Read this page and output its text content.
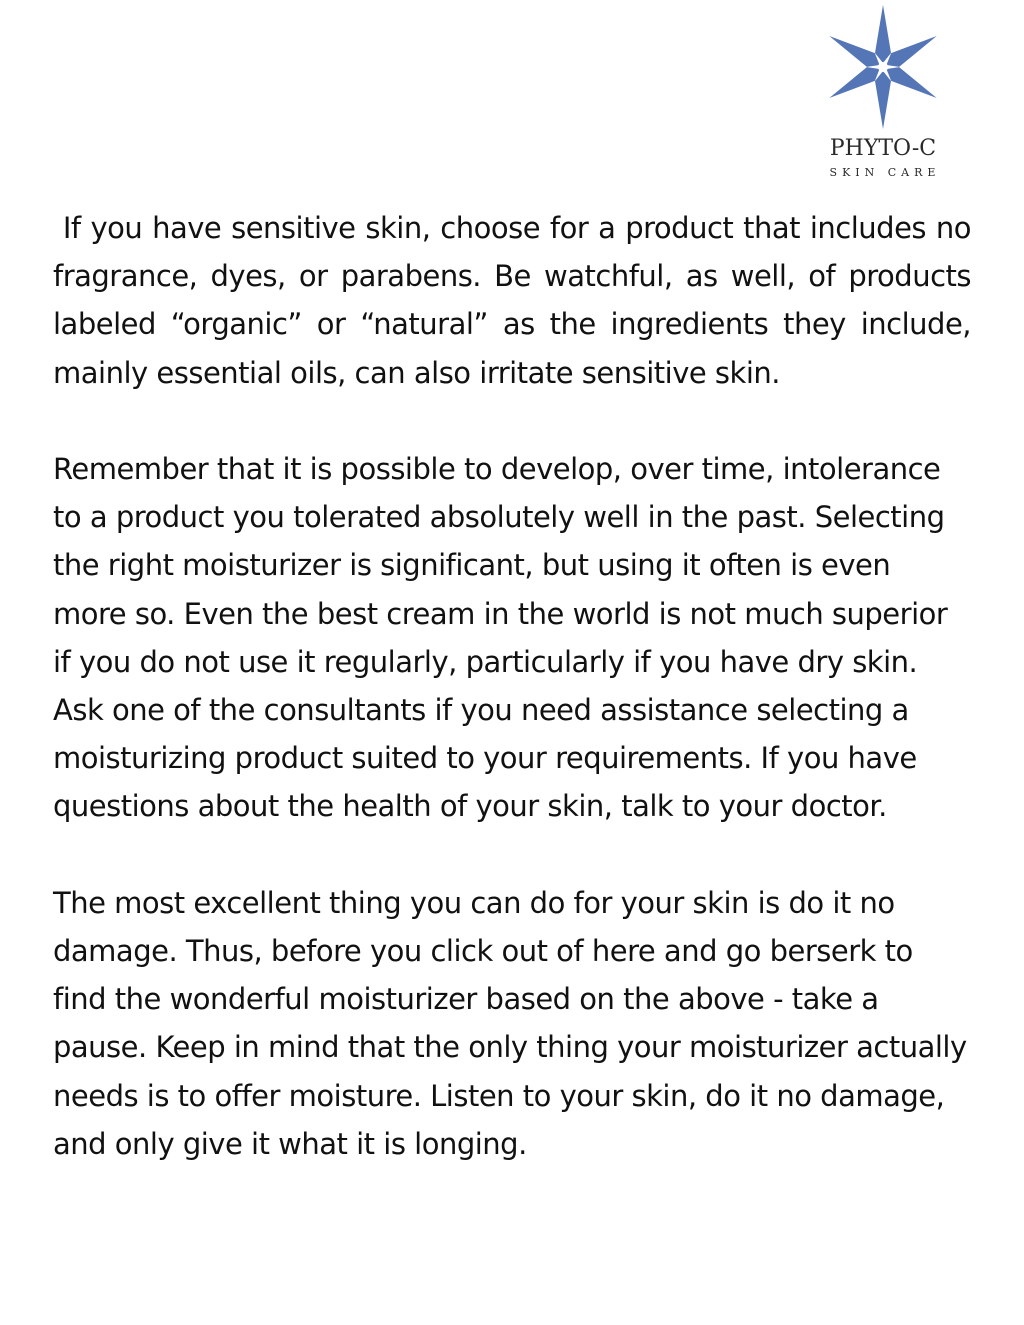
PHYTO-C
SKIN CARE

If you have sensitive skin, choose for a product that includes no fragrance, dyes, or parabens. Be watchful, as well, of products labeled “organic” or “natural” as the ingredients they include, mainly essential oils, can also irritate sensitive skin.

Remember that it is possible to develop, over time, intolerance to a product you tolerated absolutely well in the past. Selecting the right moisturizer is significant, but using it often is even more so. Even the best cream in the world is not much superior if you do not use it regularly, particularly if you have dry skin. Ask one of the consultants if you need assistance selecting a moisturizing product suited to your requirements. If you have questions about the health of your skin, talk to your doctor.

The most excellent thing you can do for your skin is do it no damage. Thus, before you click out of here and go berserk to find the wonderful moisturizer based on the above - take a pause. Keep in mind that the only thing your moisturizer actually needs is to offer moisture. Listen to your skin, do it no damage, and only give it what it is longing.
